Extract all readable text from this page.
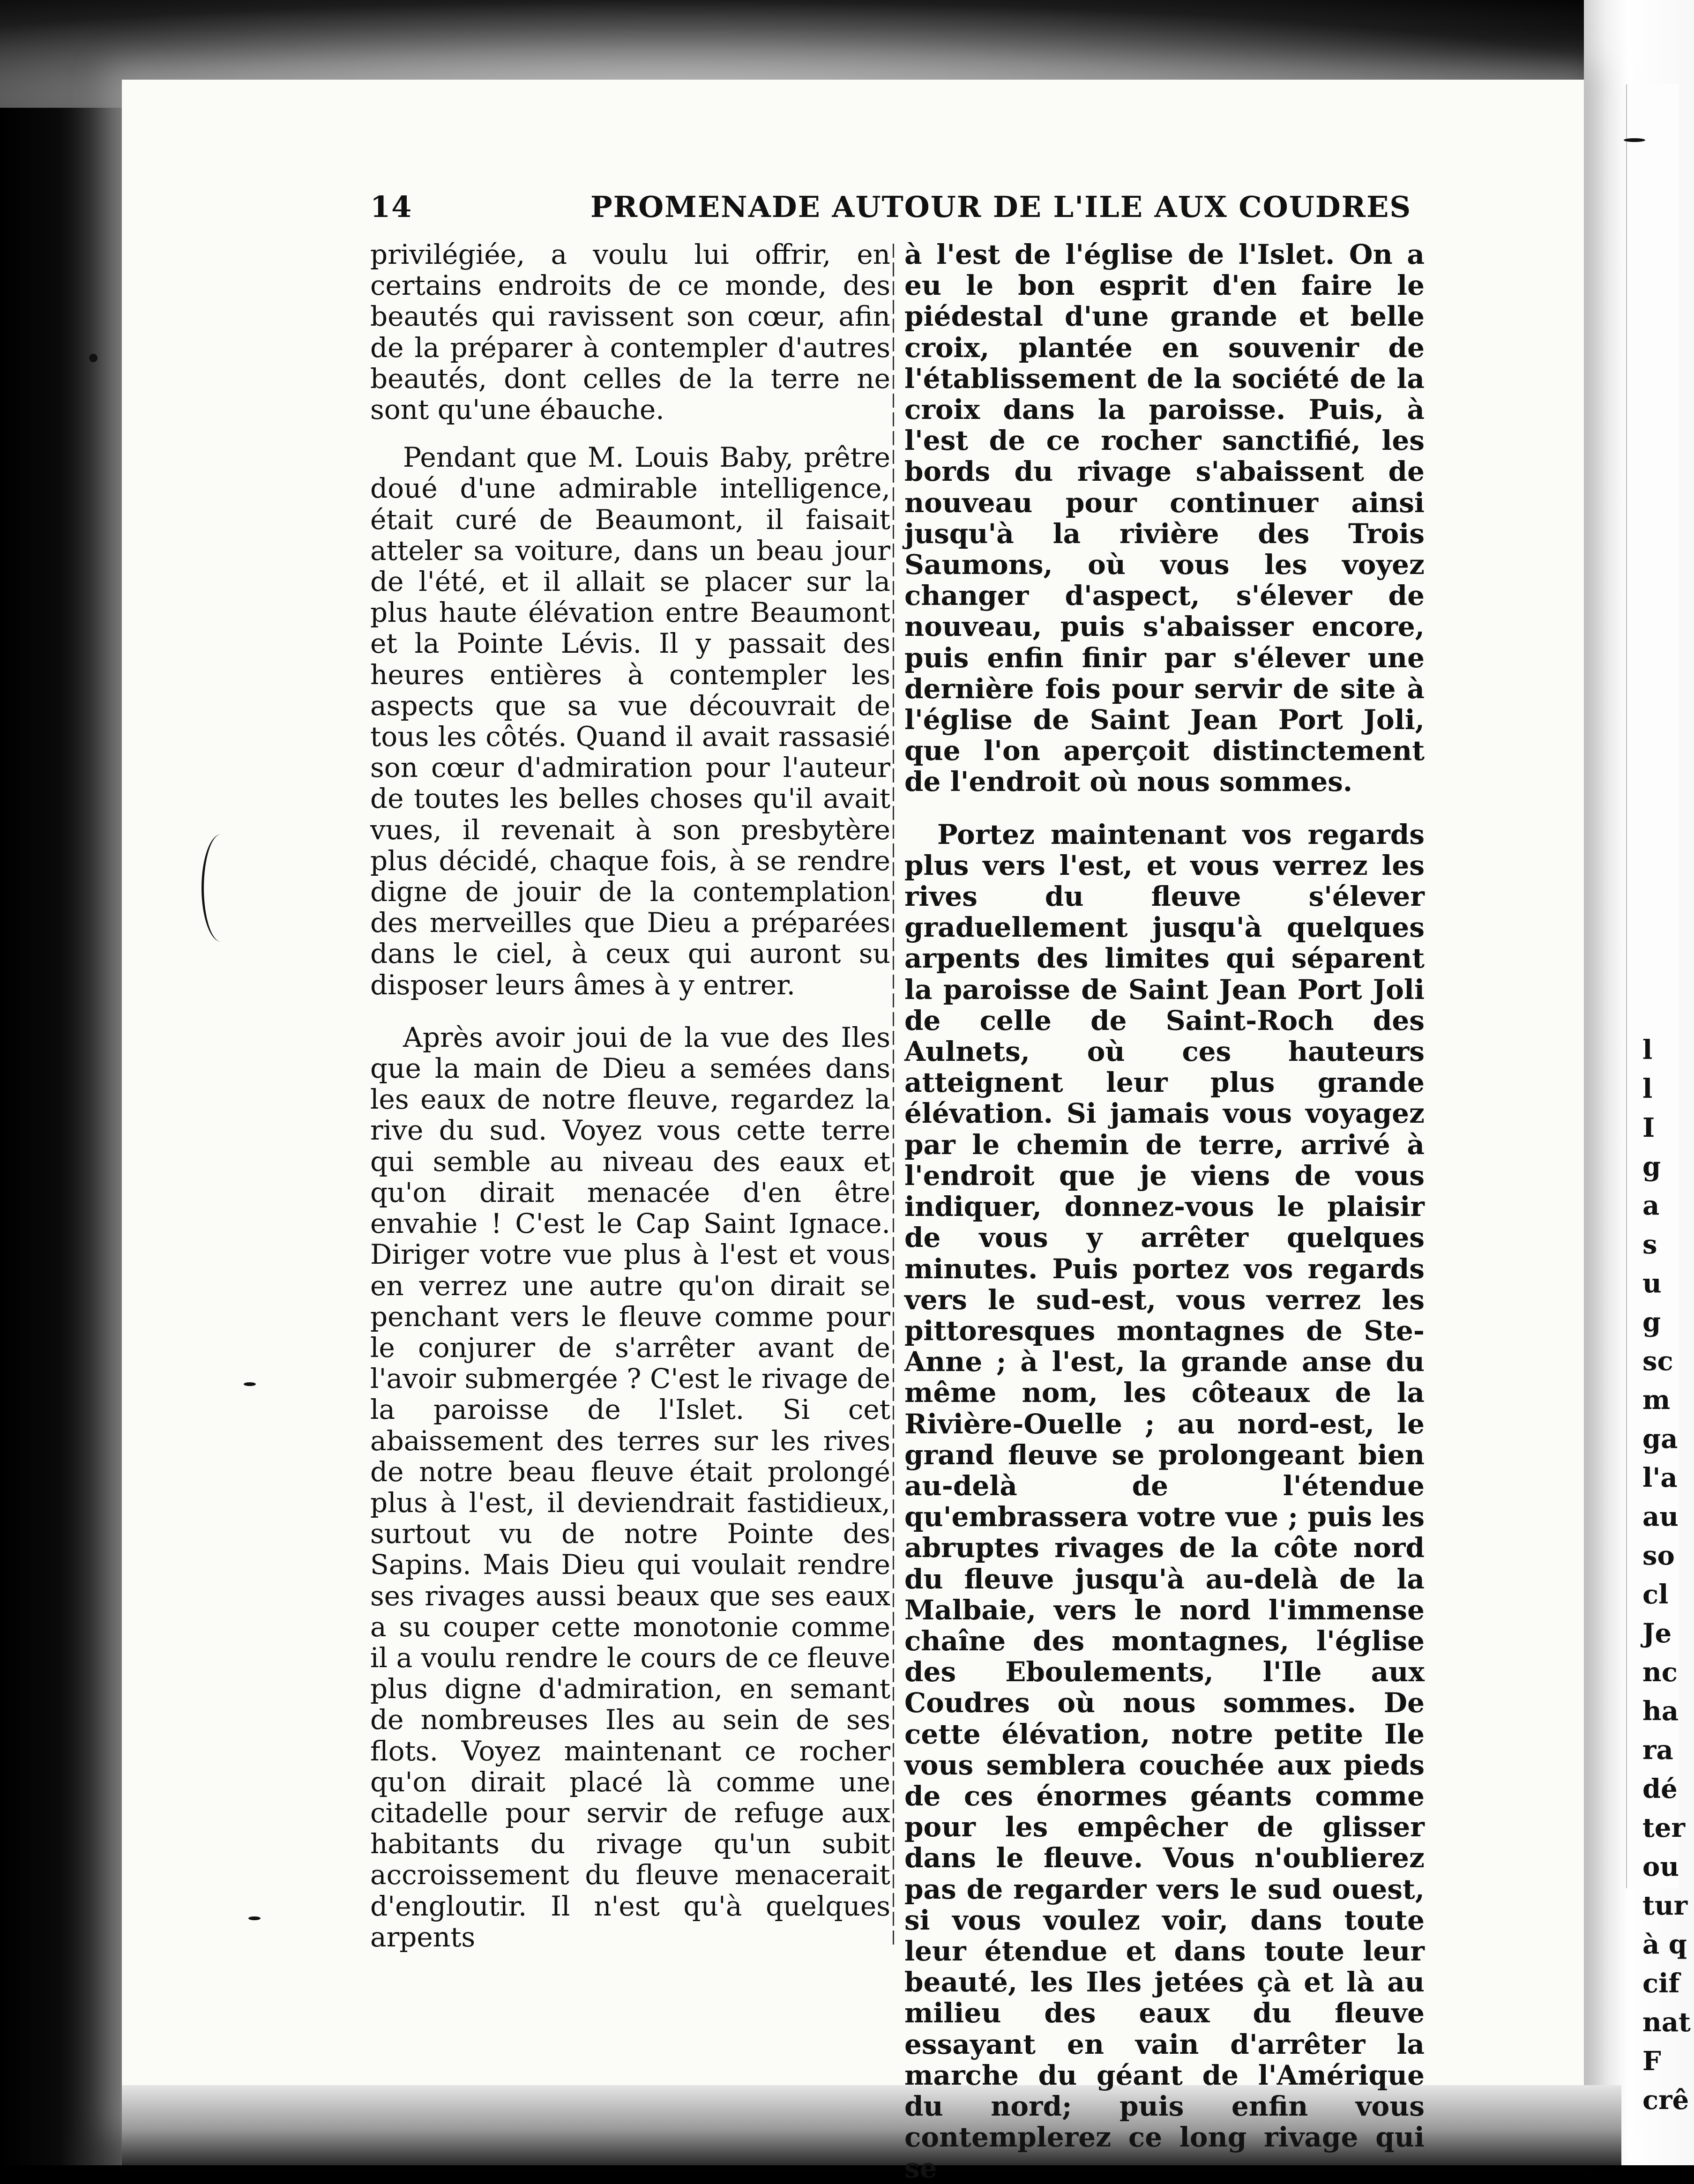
l
l
I
g
a
s
u
g
sc
m
ga
l'a
au
so
cl
Je
nc
ha
ra
dé
ter
ou
tur
à q
cif
nat
F
crê
14	PROMENADE AUTOUR DE L'ILE AUX COUDRES

privilégiée, a voulu lui offrir, en certains endroits de ce monde, des beautés qui ravissent son cœur, afin de la préparer à contempler d'autres beautés, dont celles de la terre ne sont qu'une ébauche.

Pendant que M. Louis Baby, prêtre doué d'une admirable intelligence, était curé de Beaumont, il faisait atteler sa voiture, dans un beau jour de l'été, et il allait se placer sur la plus haute élévation entre Beaumont et la Pointe Lévis. Il y passait des heures entières à contempler les aspects que sa vue découvrait de tous les côtés. Quand il avait rassasié son cœur d'admiration pour l'auteur de toutes les belles choses qu'il avait vues, il revenait à son presbytère plus décidé, chaque fois, à se rendre digne de jouir de la contemplation des merveilles que Dieu a préparées dans le ciel, à ceux qui auront su disposer leurs âmes à y entrer.

Après avoir joui de la vue des Iles que la main de Dieu a semées dans les eaux de notre fleuve, regardez la rive du sud. Voyez vous cette terre qui semble au niveau des eaux et qu'on dirait menacée d'en être envahie ! C'est le Cap Saint Ignace. Diriger votre vue plus à l'est et vous en verrez une autre qu'on dirait se penchant vers le fleuve comme pour le conjurer de s'arrêter avant de l'avoir submergée ? C'est le rivage de la paroisse de l'Islet. Si cet abaissement des terres sur les rives de notre beau fleuve était prolongé plus à l'est, il deviendrait fastidieux, surtout vu de notre Pointe des Sapins. Mais Dieu qui voulait rendre ses rivages aussi beaux que ses eaux a su couper cette monotonie comme il a voulu rendre le cours de ce fleuve plus digne d'admiration, en semant de nombreuses Iles au sein de ses flots. Voyez maintenant ce rocher qu'on dirait placé là comme une citadelle pour servir de refuge aux habitants du rivage qu'un subit accroissement du fleuve menacerait d'engloutir. Il n'est qu'à quelques arpents

à l'est de l'église de l'Islet. On a eu le bon esprit d'en faire le piédestal d'une grande et belle croix, plantée en souvenir de l'établissement de la société de la croix dans la paroisse. Puis, à l'est de ce rocher sanctifié, les bords du rivage s'abaissent de nouveau pour continuer ainsi jusqu'à la rivière des Trois Saumons, où vous les voyez changer d'aspect, s'élever de nouveau, puis s'abaisser encore, puis enfin finir par s'élever une dernière fois pour servir de site à l'église de Saint Jean Port Joli, que l'on aperçoit distinctement de l'endroit où nous sommes.

Portez maintenant vos regards plus vers l'est, et vous verrez les rives du fleuve s'élever graduellement jusqu'à quelques arpents des limites qui séparent la paroisse de Saint Jean Port Joli de celle de Saint-Roch des Aulnets, où ces hauteurs atteignent leur plus grande élévation. Si jamais vous voyagez par le chemin de terre, arrivé à l'endroit que je viens de vous indiquer, donnez-vous le plaisir de vous y arrêter quelques minutes. Puis portez vos regards vers le sud-est, vous verrez les pittoresques montagnes de Ste-Anne ; à l'est, la grande anse du même nom, les côteaux de la Rivière-Ouelle ; au nord-est, le grand fleuve se prolongeant bien au-delà de l'étendue qu'embrassera votre vue ; puis les abruptes rivages de la côte nord du fleuve jusqu'à au-delà de la Malbaie, vers le nord l'immense chaîne des montagnes, l'église des Eboulements, l'Ile aux Coudres où nous sommes. De cette élévation, notre petite Ile vous semblera couchée aux pieds de ces énormes géants comme pour les empêcher de glisser dans le fleuve. Vous n'oublierez pas de regarder vers le sud ouest, si vous voulez voir, dans toute leur étendue et dans toute leur beauté, les Iles jetées çà et là au milieu des eaux du fleuve essayant en vain d'arrêter la marche du géant de l'Amérique du nord; puis enfin vous contemplerez ce long rivage qui se
